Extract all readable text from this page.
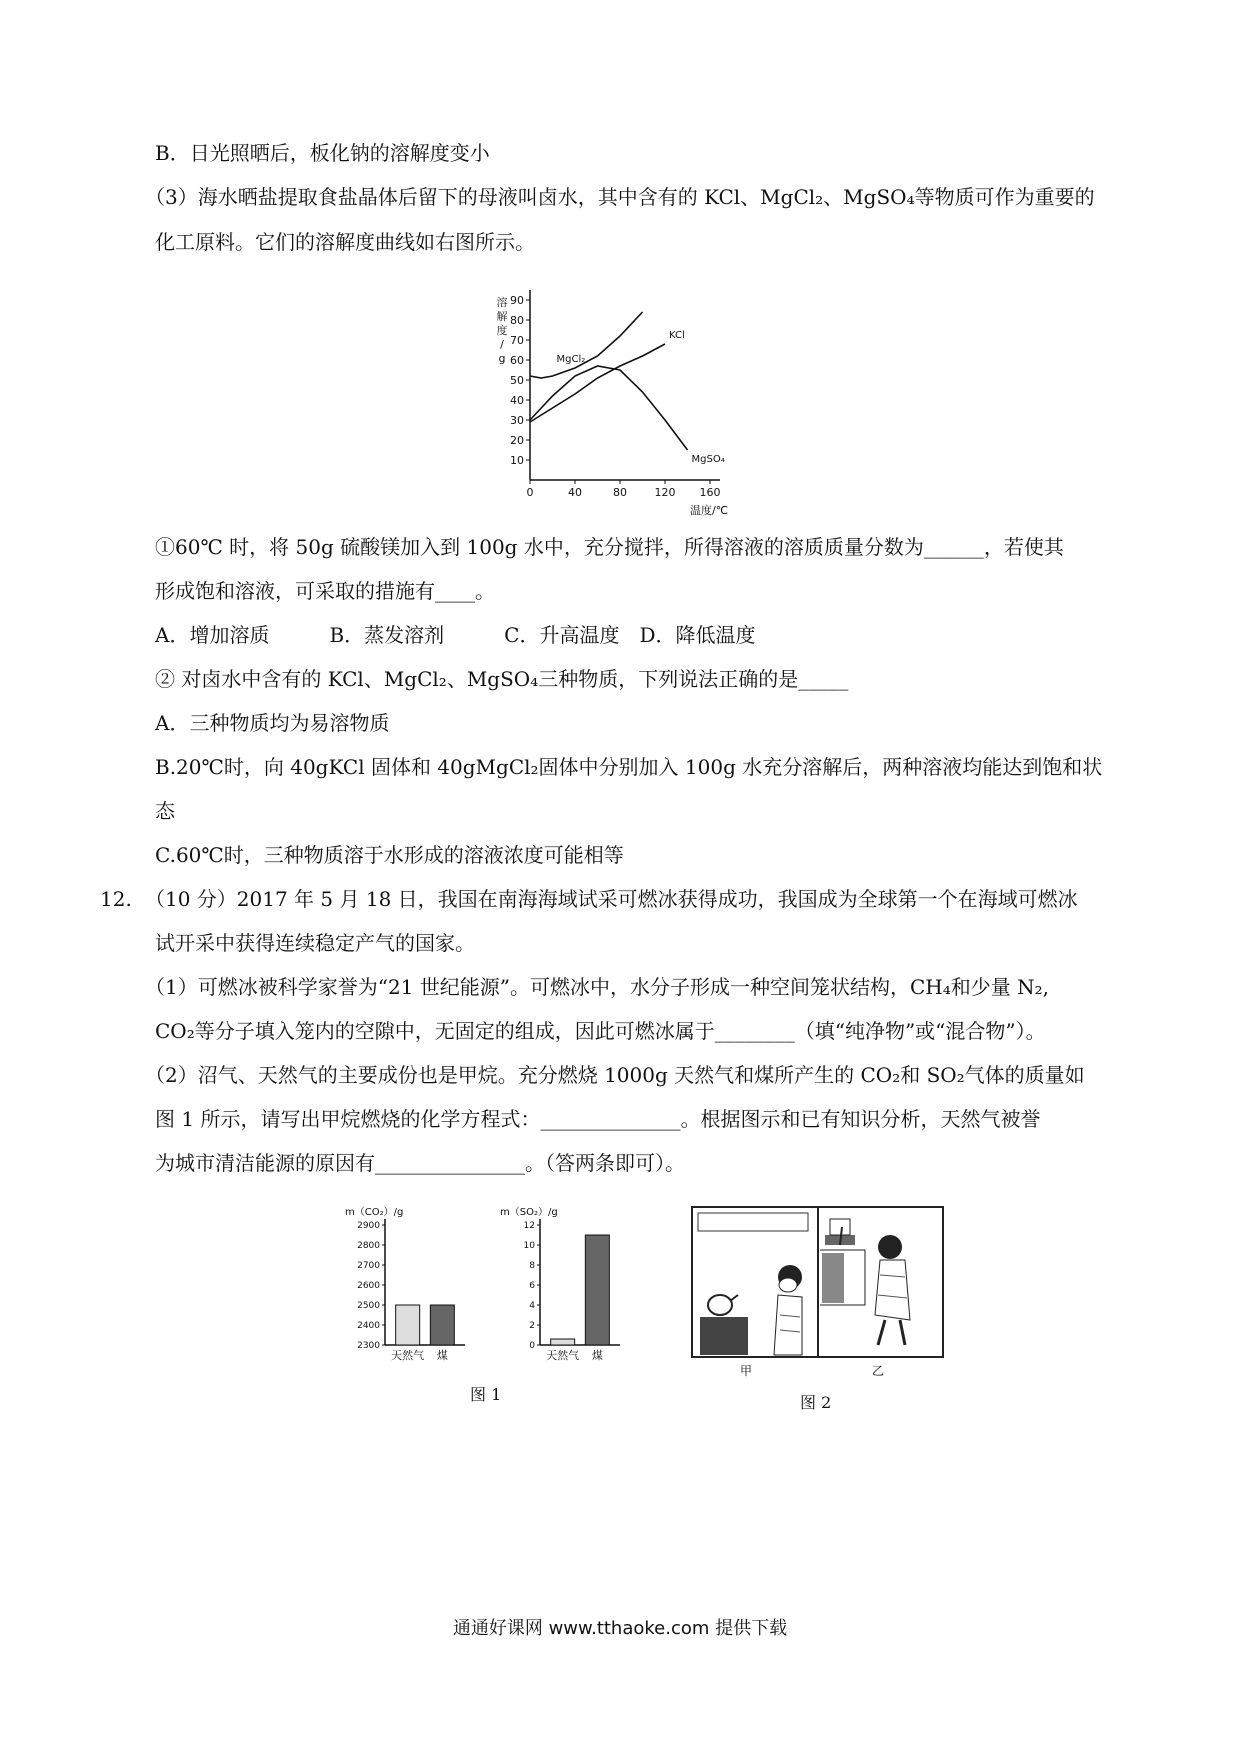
B．日光照晒后，板化钠的溶解度变小
（3）海水晒盐提取食盐晶体后留下的母液叫卤水，其中含有的 KCl、MgCl₂、MgSO₄等物质可作为重要的
化工原料。它们的溶解度曲线如右图所示。
10
20
30
40
50
60
70
80
90
0	40	80	120 160
溶
解
度
/
g
温度/℃
MgCl₂
KCl
MgSO₄
①60℃ 时，将 50g 硫酸镁加入到 100g 水中，充分搅拌，所得溶液的溶质质量分数为______，若使其
形成饱和溶液，可采取的措施有____。
A．增加溶质　　　B．蒸发溶剂　　　C．升高温度　D．降低温度
② 对卤水中含有的 KCl、MgCl₂、MgSO₄三种物质，下列说法正确的是_____
A．三种物质均为易溶物质
B.20℃时，向 40gKCl 固体和 40gMgCl₂固体中分别加入 100g 水充分溶解后，两种溶液均能达到饱和状
态
C.60℃时，三种物质溶于水形成的溶液浓度可能相等
12. （10 分）2017 年 5 月 18 日，我国在南海海域试采可燃冰获得成功，我国成为全球第一个在海域可燃冰
试开采中获得连续稳定产气的国家。
（1）可燃冰被科学家誉为“21 世纪能源”。可燃冰中，水分子形成一种空间笼状结构，CH₄和少量 N₂,
CO₂等分子填入笼内的空隙中，无固定的组成，因此可燃冰属于________（填“纯净物”或“混合物”）。
（2）沼气、天然气的主要成份也是甲烷。充分燃烧 1000g 天然气和煤所产生的 CO₂和 SO₂气体的质量如
图 1 所示，请写出甲烷燃烧的化学方程式：______________。根据图示和已有知识分析，天然气被誉
为城市清洁能源的原因有_______________。（答两条即可）。
m（CO₂）/g
2300
2400
2500
2600
2700
2800
2900
天然气 煤
m（SO₂）/g
0
2
4
6
8
10
12
天然气 煤
图 1
甲	乙
图 2
通通好课网 www.tthaoke.com 提供下载
